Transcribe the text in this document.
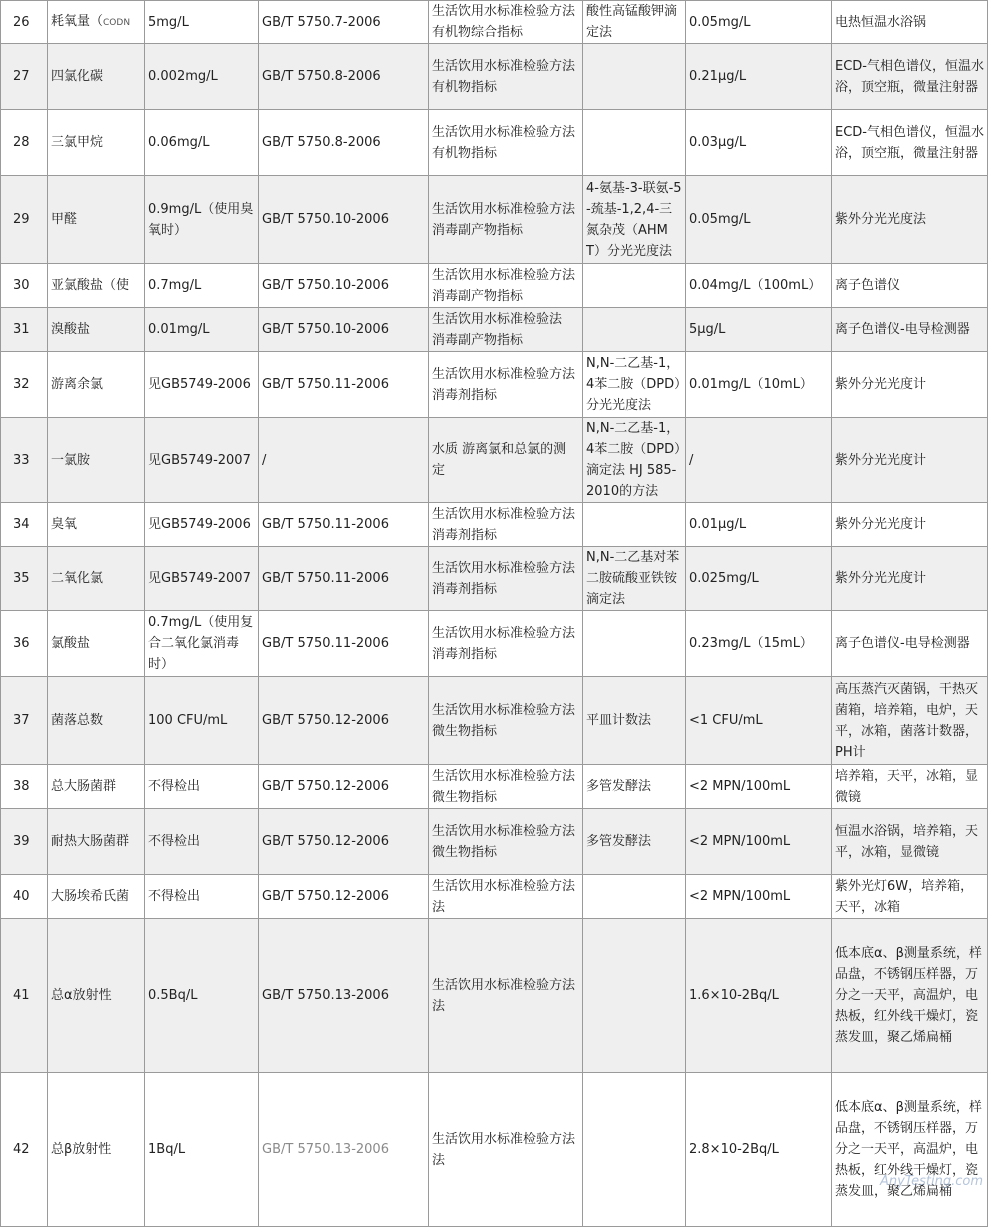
26	耗氧量（CODN	5mg/L	GB/T 5750.7-2006	生活饮用水标准检验方法 有机物综合指标	酸性高锰酸钾滴定法	0.05mg/L	电热恒温水浴锅
27	四氯化碳	0.002mg/L	GB/T 5750.8-2006	生活饮用水标准检验方法 有机物指标		0.21μg/L	ECD-气相色谱仪，恒温水浴，顶空瓶，微量注射器
28	三氯甲烷	0.06mg/L	GB/T 5750.8-2006	生活饮用水标准检验方法 有机物指标		0.03μg/L	ECD-气相色谱仪，恒温水浴，顶空瓶，微量注射器
29	甲醛	0.9mg/L（使用臭氧时）	GB/T 5750.10-2006	生活饮用水标准检验方法 消毒副产物指标	4-氨基-3-联氨-5-巯基-1,2,4-三氮杂茂（AHMT）分光光度法	0.05mg/L	紫外分光光度法
30	亚氯酸盐（使	0.7mg/L	GB/T 5750.10-2006	生活饮用水标准检验方法 消毒副产物指标		0.04mg/L（100mL）	离子色谱仪
31	溴酸盐	0.01mg/L	GB/T 5750.10-2006	生活饮用水标准检验法 消毒副产物指标		5μg/L	离子色谱仪-电导检测器
32	游离余氯	见GB5749-2006	GB/T 5750.11-2006	生活饮用水标准检验方法 消毒剂指标	N,N-二乙基-1，4苯二胺（DPD）分光光度法	0.01mg/L（10mL）	紫外分光光度计
33	一氯胺	见GB5749-2007	/	水质 游离氯和总氯的测定	N,N-二乙基-1，4苯二胺（DPD）滴定法 HJ 585-2010的方法	/	紫外分光光度计
34	臭氧	见GB5749-2006	GB/T 5750.11-2006	生活饮用水标准检验方法 消毒剂指标		0.01μg/L	紫外分光光度计
35	二氧化氯	见GB5749-2007	GB/T 5750.11-2006	生活饮用水标准检验方法 消毒剂指标	N,N-二乙基对苯二胺硫酸亚铁铵滴定法	0.025mg/L	紫外分光光度计
36	氯酸盐	0.7mg/L（使用复合二氧化氯消毒时）	GB/T 5750.11-2006	生活饮用水标准检验方法 消毒剂指标		0.23mg/L（15mL）	离子色谱仪-电导检测器
37	菌落总数	100 CFU/mL	GB/T 5750.12-2006	生活饮用水标准检验方法 微生物指标	平皿计数法	<1 CFU/mL	高压蒸汽灭菌锅，干热灭菌箱，培养箱，电炉，天平，冰箱，菌落计数器，PH计
38	总大肠菌群	不得检出	GB/T 5750.12-2006	生活饮用水标准检验方法 微生物指标	多管发酵法	<2 MPN/100mL	培养箱，天平，冰箱，显微镜
39	耐热大肠菌群	不得检出	GB/T 5750.12-2006	生活饮用水标准检验方法 微生物指标	多管发酵法	<2 MPN/100mL	恒温水浴锅，培养箱，天平，冰箱，显微镜
40	大肠埃希氏菌	不得检出	GB/T 5750.12-2006	生活饮用水标准检验方法法		<2 MPN/100mL	紫外光灯6W，培养箱，天平，冰箱
41	总α放射性	0.5Bq/L	GB/T 5750.13-2006	生活饮用水标准检验方法法		1.6×10-2Bq/L	低本底α、β测量系统，样品盘，不锈钢压样器，万分之一天平，高温炉，电热板，红外线干燥灯，瓷蒸发皿，聚乙烯扁桶
42	总β放射性	1Bq/L	GB/T 5750.13-2006	生活饮用水标准检验方法法		2.8×10-2Bq/L	低本底α、β测量系统，样品盘，不锈钢压样器，万分之一天平，高温炉，电热板，红外线干燥灯，瓷蒸发皿，聚乙烯扁桶
AnyTesting.com
